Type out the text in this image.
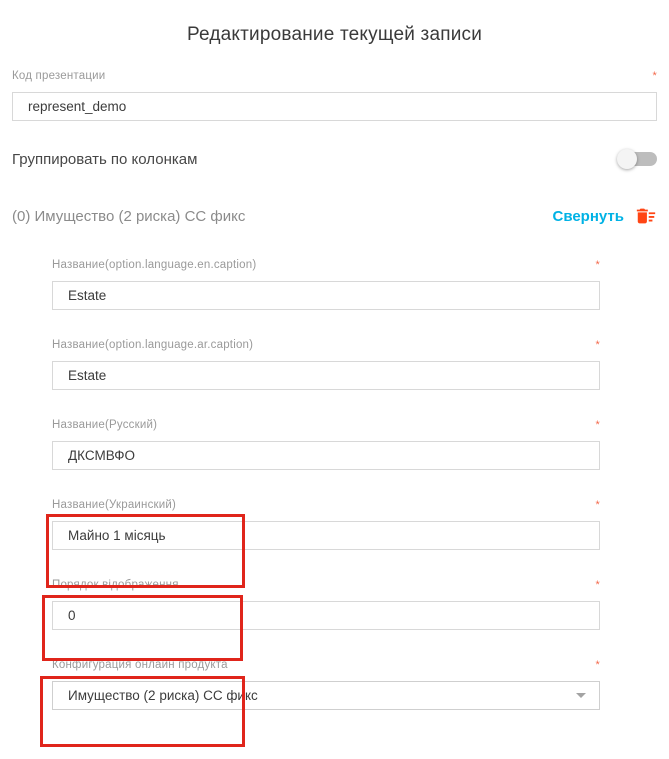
Редактирование текущей записи
Код презентации	*
represent_demo
Группировать по колонкам
(0) Имущество (2 риска) СС фикс	Свернуть
Название(option.language.en.caption)	*
Estate
Название(option.language.ar.caption)	*
Estate
Название(Русский)	*
ДКСМВФО
Название(Украинский)	*
Майно 1 місяць
Порядок відображення	*
0
Конфигурация онлайн продукта	*
Имущество (2 риска) СС фикс
